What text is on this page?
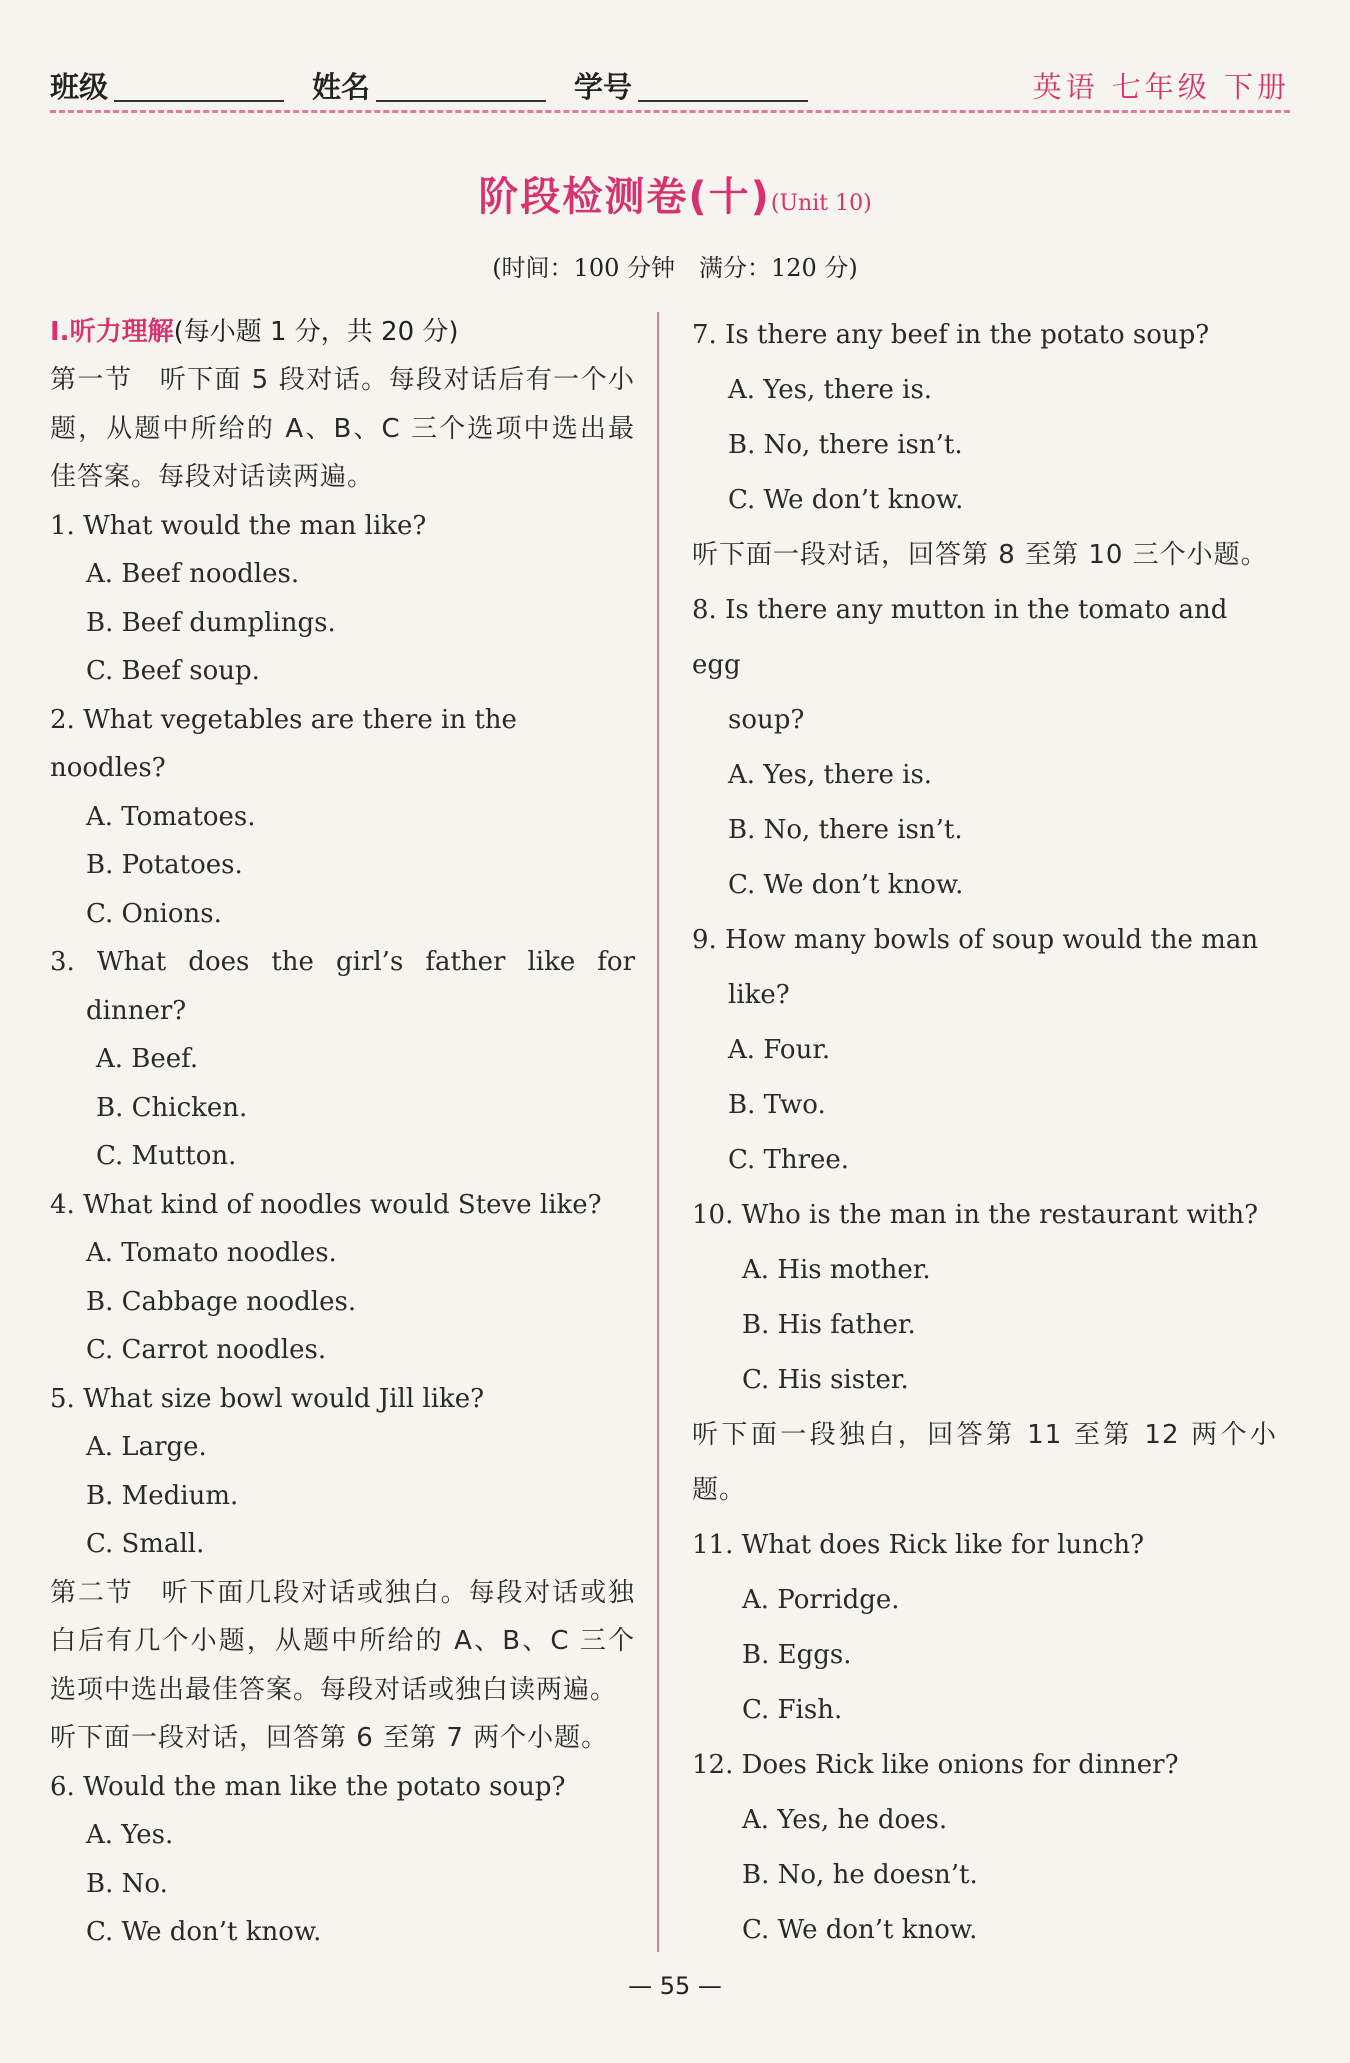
班级	姓名	学号	英语 七年级 下册
阶段检测卷(十)(Unit 10)
(时间：100 分钟　满分：120 分)
Ⅰ.听力理解(每小题 1 分，共 20 分)
第一节　听下面 5 段对话。每段对话后有一个小题，从题中所给的 A、B、C 三个选项中选出最佳答案。每段对话读两遍。
1. What would the man like?
A. Beef noodles.
B. Beef dumplings.
C. Beef soup.
2. What vegetables are there in the noodles?
A. Tomatoes.
B. Potatoes.
C. Onions.
3. What does the girl’s father like for
dinner?
A. Beef.
B. Chicken.
C. Mutton.
4. What kind of noodles would Steve like?
A. Tomato noodles.
B. Cabbage noodles.
C. Carrot noodles.
5. What size bowl would Jill like?
A. Large.
B. Medium.
C. Small.
第二节　听下面几段对话或独白。每段对话或独白后有几个小题，从题中所给的 A、B、C 三个选项中选出最佳答案。每段对话或独白读两遍。
听下面一段对话，回答第 6 至第 7 两个小题。
6. Would the man like the potato soup?
A. Yes.
B. No.
C. We don’t know.
7. Is there any beef in the potato soup?
A. Yes, there is.
B. No, there isn’t.
C. We don’t know.
听下面一段对话，回答第 8 至第 10 三个小题。
8. Is there any mutton in the tomato and egg
soup?
A. Yes, there is.
B. No, there isn’t.
C. We don’t know.
9. How many bowls of soup would the man
like?
A. Four.
B. Two.
C. Three.
10. Who is the man in the restaurant with?
A. His mother.
B. His father.
C. His sister.
听下面一段独白，回答第 11 至第 12 两个小题。
11. What does Rick like for lunch?
A. Porridge.
B. Eggs.
C. Fish.
12. Does Rick like onions for dinner?
A. Yes, he does.
B. No, he doesn’t.
C. We don’t know.
— 55 —
